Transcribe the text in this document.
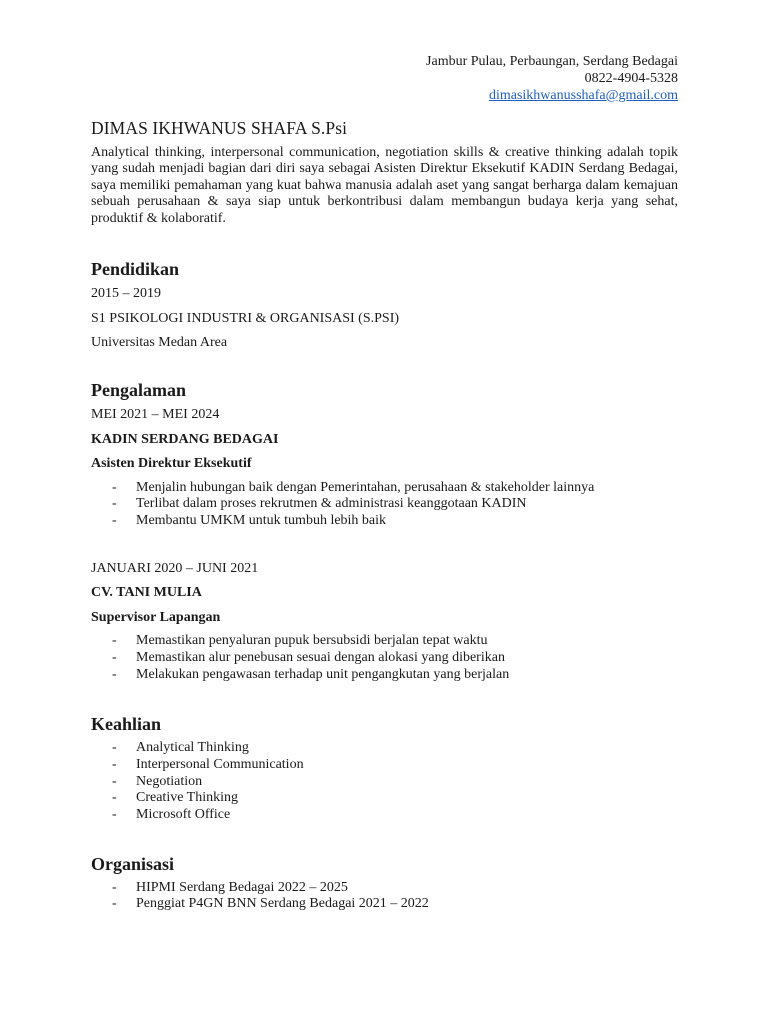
Jambur Pulau, Perbaungan, Serdang Bedagai
0822-4904-5328
dimasikhwanusshafa@gmail.com
DIMAS IKHWANUS SHAFA S.Psi
Analytical thinking, interpersonal communication, negotiation skills & creative thinking adalah topik yang sudah menjadi bagian dari diri saya sebagai Asisten Direktur Eksekutif KADIN Serdang Bedagai, saya memiliki pemahaman yang kuat bahwa manusia adalah aset yang sangat berharga dalam kemajuan sebuah perusahaan & saya siap untuk berkontribusi dalam membangun budaya kerja yang sehat, produktif & kolaboratif.
Pendidikan
2015 – 2019
S1 PSIKOLOGI INDUSTRI & ORGANISASI (S.PSI)
Universitas Medan Area
Pengalaman
MEI 2021 – MEI 2024
KADIN SERDANG BEDAGAI
Asisten Direktur Eksekutif
- Menjalin hubungan baik dengan Pemerintahan, perusahaan & stakeholder lainnya
- Terlibat dalam proses rekrutmen & administrasi keanggotaan KADIN
- Membantu UMKM untuk tumbuh lebih baik
JANUARI 2020 – JUNI 2021
CV. TANI MULIA
Supervisor Lapangan
- Memastikan penyaluran pupuk bersubsidi berjalan tepat waktu
- Memastikan alur penebusan sesuai dengan alokasi yang diberikan
- Melakukan pengawasan terhadap unit pengangkutan yang berjalan
Keahlian
- Analytical Thinking
- Interpersonal Communication
- Negotiation
- Creative Thinking
- Microsoft Office
Organisasi
- HIPMI Serdang Bedagai 2022 – 2025
- Penggiat P4GN BNN Serdang Bedagai 2021 – 2022
